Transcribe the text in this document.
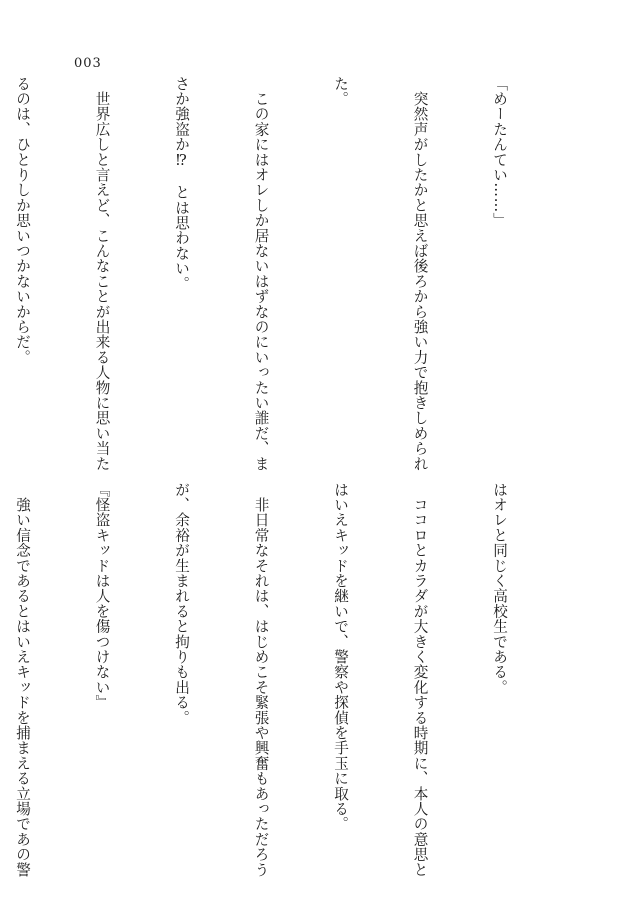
003

「めーたんてい……」

　突然声がしたかと思えば後ろから強い力で抱きしめられ

た。

　この家にはオレしか居ないはずなのにいったい誰だ、ま

さか強盗か⁉　とは思わない。

　世界広しと言えど、こんなことが出来る人物に思い当た

るのは、ひとりしか思いつかないからだ。

はオレと同じく高校生である。

　ココロとカラダが大きく変化する時期に、本人の意思と

はいえキッドを継いで、警察や探偵を手玉に取る。

　非日常なそれは、はじめこそ緊張や興奮もあっただろう

が、余裕が生まれると拘りも出る。

『怪盗キッドは人を傷つけない』

　強い信念であるとはいえキッドを捕まえる立場であの警
